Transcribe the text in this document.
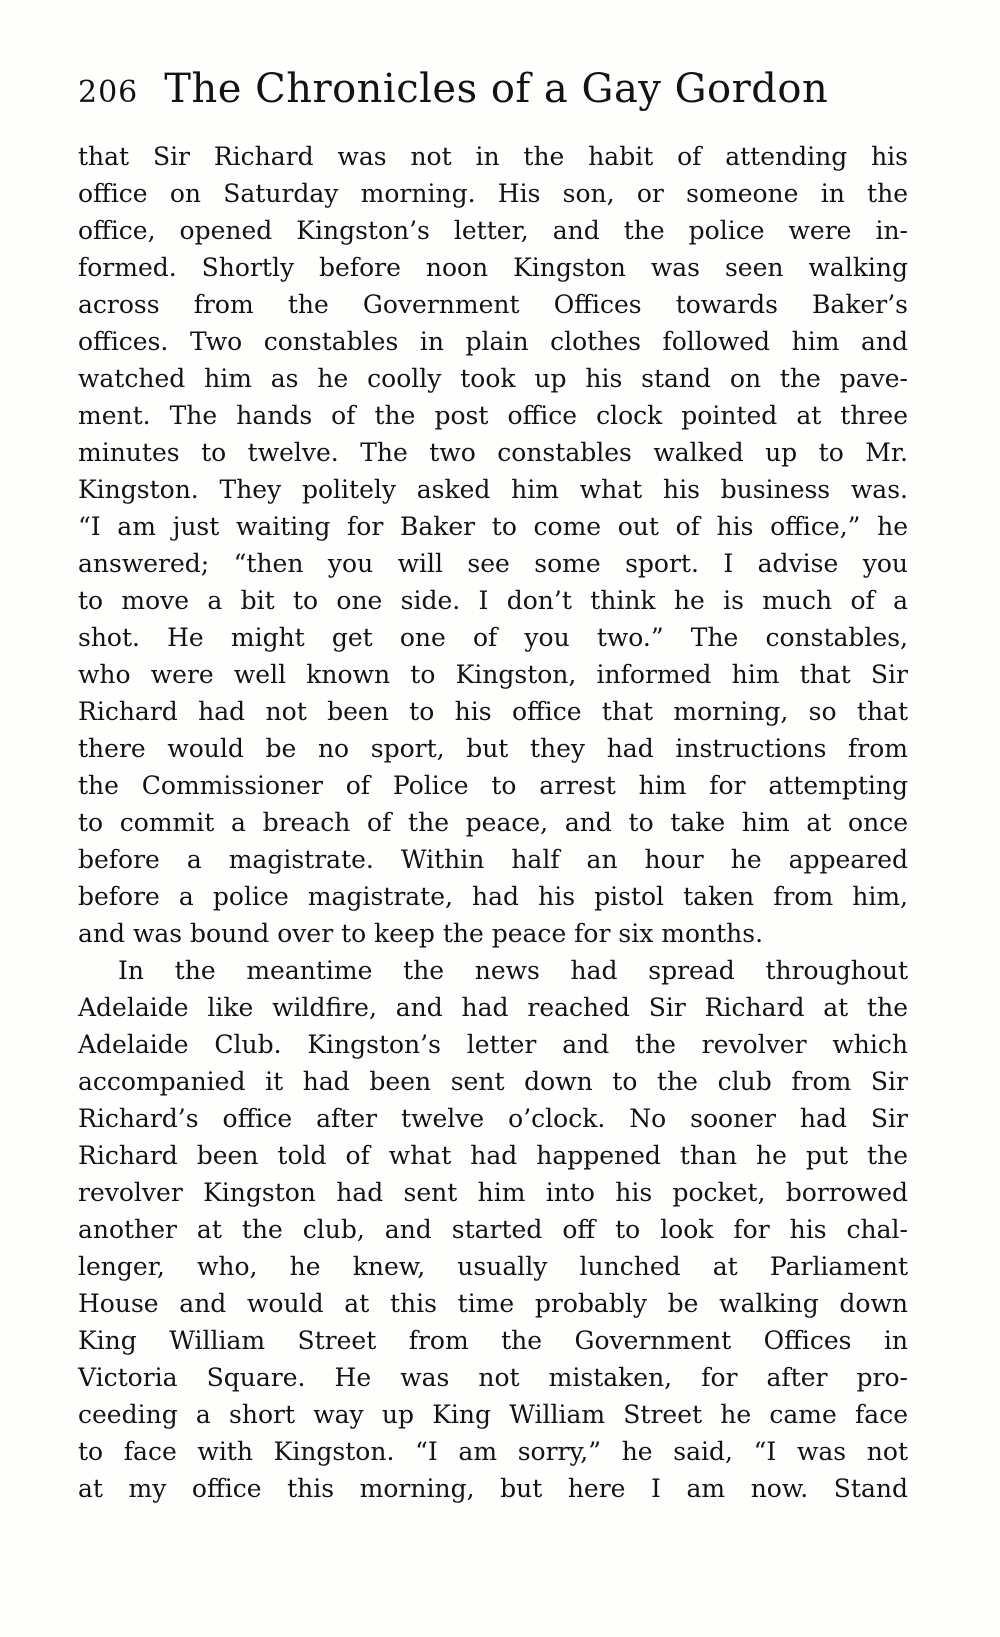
206 The Chronicles of a Gay Gordon
that Sir Richard was not in the habit of attending his
office on Saturday morning. His son, or someone in the
office, opened Kingston’s letter, and the police were in-
formed. Shortly before noon Kingston was seen walking
across from the Government Offices towards Baker’s
offices. Two constables in plain clothes followed him and
watched him as he coolly took up his stand on the pave-
ment. The hands of the post office clock pointed at three
minutes to twelve. The two constables walked up to Mr.
Kingston. They politely asked him what his business was.
“I am just waiting for Baker to come out of his office,” he
answered; “then you will see some sport. I advise you
to move a bit to one side. I don’t think he is much of a
shot. He might get one of you two.” The constables,
who were well known to Kingston, informed him that Sir
Richard had not been to his office that morning, so that
there would be no sport, but they had instructions from
the Commissioner of Police to arrest him for attempting
to commit a breach of the peace, and to take him at once
before a magistrate. Within half an hour he appeared
before a police magistrate, had his pistol taken from him,
and was bound over to keep the peace for six months.
In the meantime the news had spread throughout
Adelaide like wildfire, and had reached Sir Richard at the
Adelaide Club. Kingston’s letter and the revolver which
accompanied it had been sent down to the club from Sir
Richard’s office after twelve o’clock. No sooner had Sir
Richard been told of what had happened than he put the
revolver Kingston had sent him into his pocket, borrowed
another at the club, and started off to look for his chal-
lenger, who, he knew, usually lunched at Parliament
House and would at this time probably be walking down
King William Street from the Government Offices in
Victoria Square. He was not mistaken, for after pro-
ceeding a short way up King William Street he came face
to face with Kingston. “I am sorry,” he said, “I was not
at my office this morning, but here I am now. Stand
